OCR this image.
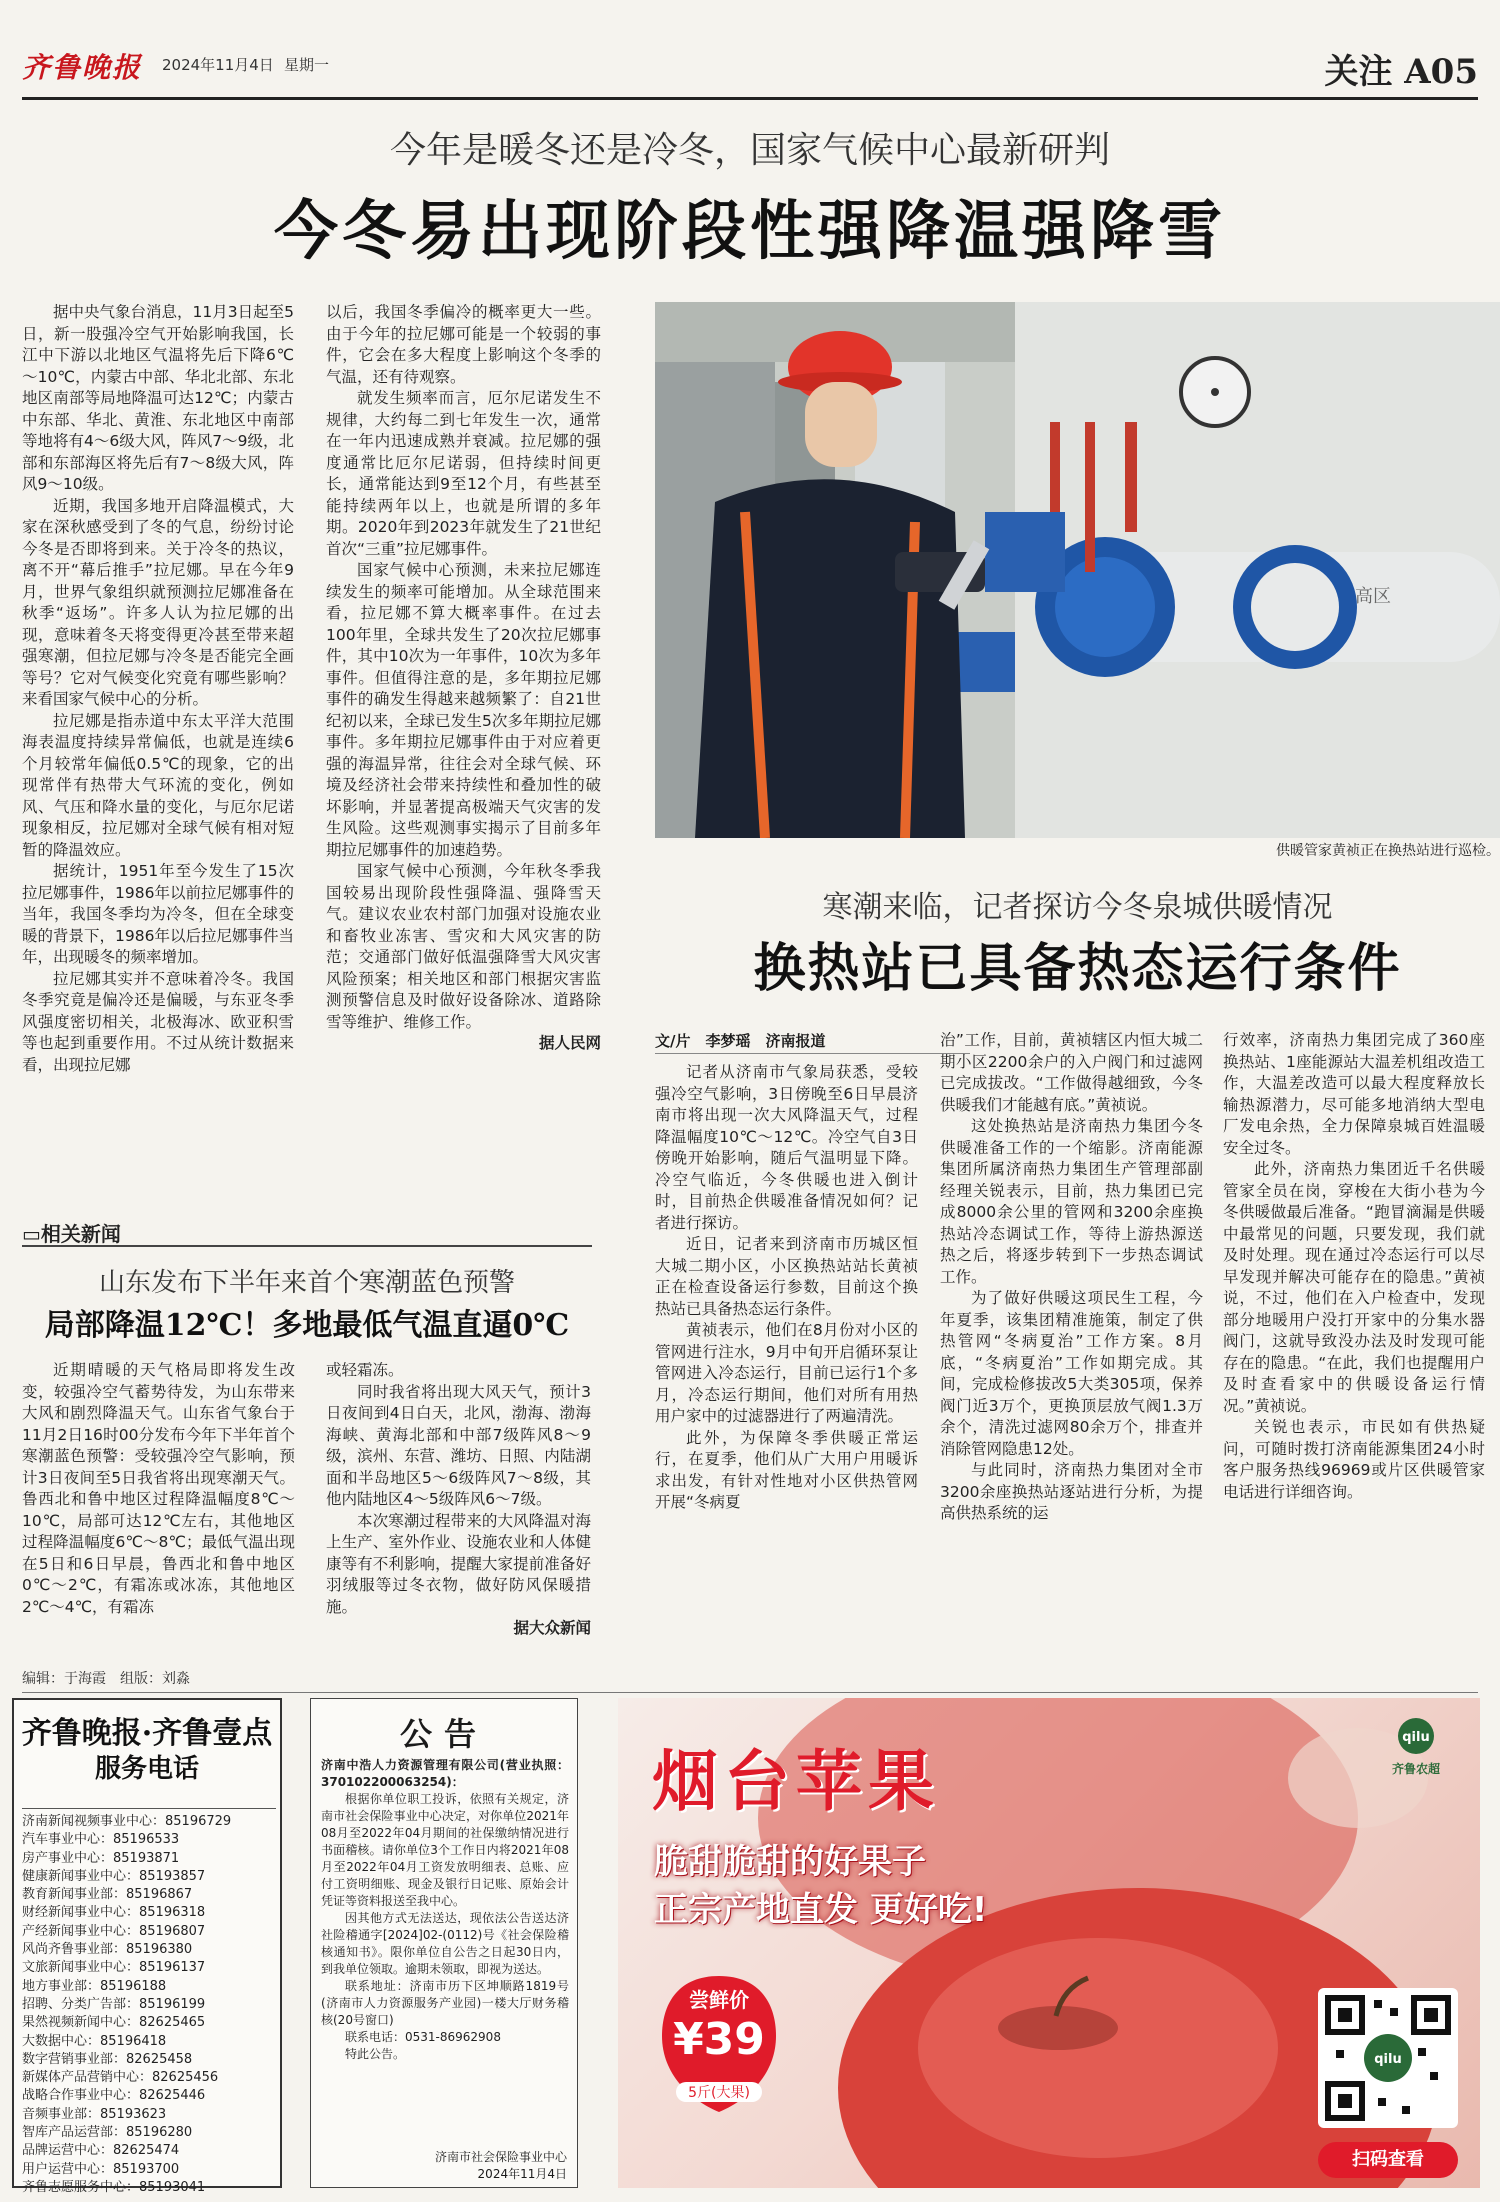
齐鲁晚报 2024年11月4日 星期一	关注 A05
今年是暖冬还是冷冬，国家气候中心最新研判
今冬易出现阶段性强降温强降雪

据中央气象台消息，11月3日起至5日，新一股强冷空气开始影响我国，长江中下游以北地区气温将先后下降6℃～10℃，内蒙古中部、华北北部、东北地区南部等局地降温可达12℃；内蒙古中东部、华北、黄淮、东北地区中南部等地将有4～6级大风，阵风7～9级，北部和东部海区将先后有7～8级大风，阵风9～10级。

近期，我国多地开启降温模式，大家在深秋感受到了冬的气息，纷纷讨论今冬是否即将到来。关于冷冬的热议，离不开“幕后推手”拉尼娜。早在今年9月，世界气象组织就预测拉尼娜准备在秋季“返场”。许多人认为拉尼娜的出现，意味着冬天将变得更冷甚至带来超强寒潮，但拉尼娜与冷冬是否能完全画等号？它对气候变化究竟有哪些影响？来看国家气候中心的分析。

拉尼娜是指赤道中东太平洋大范围海表温度持续异常偏低，也就是连续6个月较常年偏低0.5℃的现象，它的出现常伴有热带大气环流的变化，例如风、气压和降水量的变化，与厄尔尼诺现象相反，拉尼娜对全球气候有相对短暂的降温效应。

据统计，1951年至今发生了15次拉尼娜事件，1986年以前拉尼娜事件的当年，我国冬季均为冷冬，但在全球变暖的背景下，1986年以后拉尼娜事件当年，出现暖冬的频率增加。

拉尼娜其实并不意味着冷冬。我国冬季究竟是偏冷还是偏暖，与东亚冬季风强度密切相关，北极海冰、欧亚积雪等也起到重要作用。不过从统计数据来看，出现拉尼娜

以后，我国冬季偏冷的概率更大一些。由于今年的拉尼娜可能是一个较弱的事件，它会在多大程度上影响这个冬季的气温，还有待观察。

就发生频率而言，厄尔尼诺发生不规律，大约每二到七年发生一次，通常在一年内迅速成熟并衰减。拉尼娜的强度通常比厄尔尼诺弱，但持续时间更长，通常能达到9至12个月，有些甚至能持续两年以上，也就是所谓的多年期。2020年到2023年就发生了21世纪首次“三重”拉尼娜事件。

国家气候中心预测，未来拉尼娜连续发生的频率可能增加。从全球范围来看，拉尼娜不算大概率事件。在过去100年里，全球共发生了20次拉尼娜事件，其中10次为一年事件，10次为多年事件。但值得注意的是，多年期拉尼娜事件的确发生得越来越频繁了：自21世纪初以来，全球已发生5次多年期拉尼娜事件。多年期拉尼娜事件由于对应着更强的海温异常，往往会对全球气候、环境及经济社会带来持续性和叠加性的破坏影响，并显著提高极端天气灾害的发生风险。这些观测事实揭示了目前多年期拉尼娜事件的加速趋势。

国家气候中心预测，今年秋冬季我国较易出现阶段性强降温、强降雪天气。建议农业农村部门加强对设施农业和畜牧业冻害、雪灾和大风灾害的防范；交通部门做好低温强降雪大风灾害风险预案；相关地区和部门根据灾害监测预警信息及时做好设备除冰、道路除雪等维护、维修工作。

据人民网
高区
供暖管家黄祯正在换热站进行巡检。
寒潮来临，记者探访今冬泉城供暖情况
换热站已具备热态运行条件
文/片　李梦瑶　济南报道

记者从济南市气象局获悉，受较强冷空气影响，3日傍晚至6日早晨济南市将出现一次大风降温天气，过程降温幅度10℃～12℃。冷空气自3日傍晚开始影响，随后气温明显下降。冷空气临近，今冬供暖也进入倒计时，目前热企供暖准备情况如何？记者进行探访。

近日，记者来到济南市历城区恒大城二期小区，小区换热站站长黄祯正在检查设备运行参数，目前这个换热站已具备热态运行条件。

黄祯表示，他们在8月份对小区的管网进行注水，9月中旬开启循环泵让管网进入冷态运行，目前已运行1个多月，冷态运行期间，他们对所有用热用户家中的过滤器进行了两遍清洗。

此外，为保障冬季供暖正常运行，在夏季，他们从广大用户用暖诉求出发，有针对性地对小区供热管网开展“冬病夏

治”工作，目前，黄祯辖区内恒大城二期小区2200余户的入户阀门和过滤网已完成拔改。“工作做得越细致，今冬供暖我们才能越有底。”黄祯说。

这处换热站是济南热力集团今冬供暖准备工作的一个缩影。济南能源集团所属济南热力集团生产管理部副经理关锐表示，目前，热力集团已完成8000余公里的管网和3200余座换热站冷态调试工作，等待上游热源送热之后，将逐步转到下一步热态调试工作。

为了做好供暖这项民生工程，今年夏季，该集团精准施策，制定了供热管网“冬病夏治”工作方案。8月底，“冬病夏治”工作如期完成。其间，完成检修拔改5大类305项，保养阀门近3万个，更换顶层放气阀1.3万余个，清洗过滤网80余万个，排查并消除管网隐患12处。

与此同时，济南热力集团对全市3200余座换热站逐站进行分析，为提高供热系统的运

行效率，济南热力集团完成了360座换热站、1座能源站大温差机组改造工作，大温差改造可以最大程度释放长输热源潜力，尽可能多地消纳大型电厂发电余热，全力保障泉城百姓温暖安全过冬。

此外，济南热力集团近千名供暖管家全员在岗，穿梭在大街小巷为今冬供暖做最后准备。“跑冒滴漏是供暖中最常见的问题，只要发现，我们就及时处理。现在通过冷态运行可以尽早发现并解决可能存在的隐患。”黄祯说，不过，他们在入户检查中，发现部分地暖用户没打开家中的分集水器阀门，这就导致没办法及时发现可能存在的隐患。“在此，我们也提醒用户及时查看家中的供暖设备运行情况。”黄祯说。

关锐也表示，市民如有供热疑问，可随时拨打济南能源集团24小时客户服务热线96969或片区供暖管家电话进行详细咨询。

▭相关新闻
山东发布下半年来首个寒潮蓝色预警
局部降温12℃！多地最低气温直逼0℃

近期晴暖的天气格局即将发生改变，较强冷空气蓄势待发，为山东带来大风和剧烈降温天气。山东省气象台于11月2日16时00分发布今年下半年首个寒潮蓝色预警：受较强冷空气影响，预计3日夜间至5日我省将出现寒潮天气。鲁西北和鲁中地区过程降温幅度8℃～10℃，局部可达12℃左右，其他地区过程降温幅度6℃～8℃；最低气温出现在5日和6日早晨，鲁西北和鲁中地区0℃～2℃，有霜冻或冰冻，其他地区2℃～4℃，有霜冻

或轻霜冻。

同时我省将出现大风天气，预计3日夜间到4日白天，北风，渤海、渤海海峡、黄海北部和中部7级阵风8～9级，滨州、东营、潍坊、日照、内陆湖面和半岛地区5～6级阵风7～8级，其他内陆地区4～5级阵风6～7级。

本次寒潮过程带来的大风降温对海上生产、室外作业、设施农业和人体健康等有不利影响，提醒大家提前准备好羽绒服等过冬衣物，做好防风保暖措施。

据大众新闻
编辑：于海霞　组版：刘淼
齐鲁晚报·齐鲁壹点
服务电话
济南新闻视频事业中心：85196729
汽车事业中心：85196533
房产事业中心：85193871
健康新闻事业中心：85193857
教育新闻事业部：85196867
财经新闻事业中心：85196318
产经新闻事业中心：85196807
风尚齐鲁事业部：85196380
文旅新闻事业中心：85196137
地方事业部：85196188
招聘、分类广告部：85196199
果然视频新闻中心：82625465
大数据中心：85196418
数字营销事业部：82625458
新媒体产品营销中心：82625456
战略合作事业中心：82625446
音频事业部：85193623
智库产品运营部：85196280
品牌运营中心：82625474
用户运营中心：85193700
齐鲁志愿服务中心：85193041
公告

济南中浩人力资源管理有限公司(营业执照：370102200063254)：

根据你单位职工投诉，依照有关规定，济南市社会保险事业中心决定，对你单位2021年08月至2022年04月期间的社保缴纳情况进行书面稽核。请你单位3个工作日内将2021年08月至2022年04月工资发放明细表、总账、应付工资明细账、现金及银行日记账、原始会计凭证等资料报送至我中心。

因其他方式无法送达，现依法公告送达济社险稽通字[2024]02-(0112)号《社会保险稽核通知书》。限你单位自公告之日起30日内，到我单位领取。逾期未领取，即视为送达。

联系地址：济南市历下区坤顺路1819号(济南市人力资源服务产业园)一楼大厅财务稽核(20号窗口)

联系电话：0531-86962908

特此公告。

济南市社会保险事业中心
2024年11月4日
烟台苹果
脆甜脆甜的好果子
正宗产地直发 更好吃!
尝鲜价
¥39
5斤(大果)
qilu
齐鲁农超
qilu
扫码查看
